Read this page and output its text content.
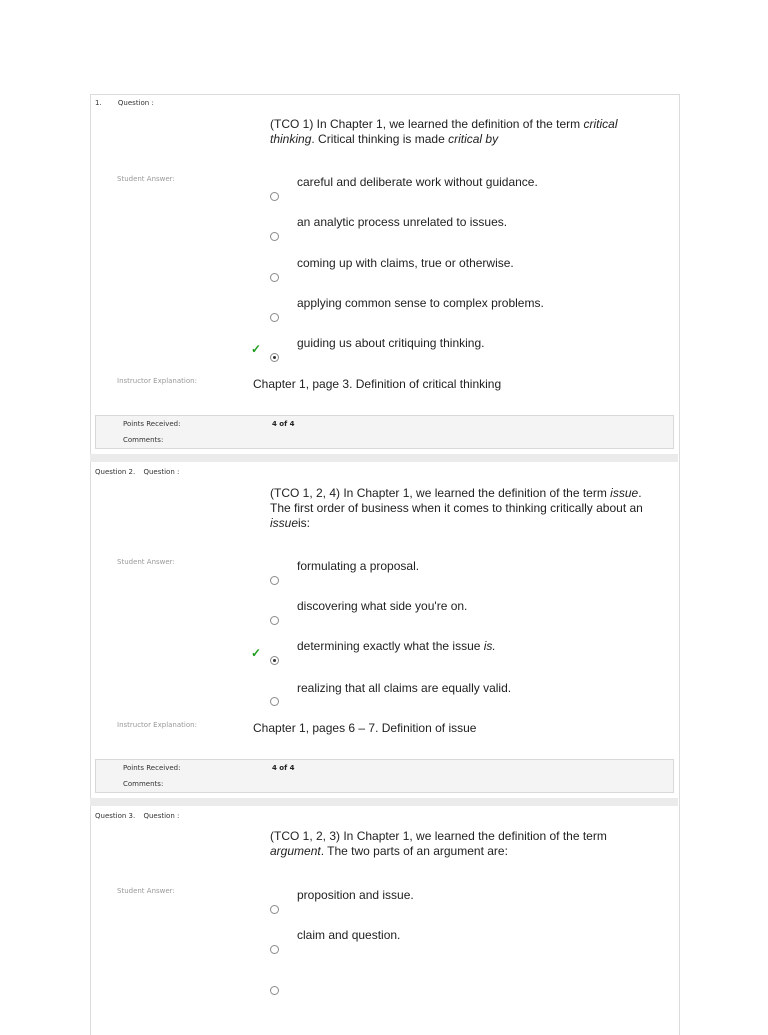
1. Question :
(TCO 1) In Chapter 1, we learned the definition of the term critical thinking. Critical thinking is made critical by
Student Answer:	careful and deliberate work without guidance.
an analytic process unrelated to issues.
coming up with claims, true or otherwise.
applying common sense to complex problems.
guiding us about critiquing thinking.
✓
Instructor Explanation:	Chapter 1, page 3. Definition of critical thinking
Points Received:	4 of 4
Comments:
Question 2. Question :
(TCO 1, 2, 4) In Chapter 1, we learned the definition of the term issue. The first order of business when it comes to thinking critically about an issueis:
Student Answer:	formulating a proposal.
discovering what side you're on.
determining exactly what the issue is.
✓
realizing that all claims are equally valid.
Instructor Explanation:	Chapter 1, pages 6 – 7. Definition of issue
Points Received:	4 of 4
Comments:
Question 3. Question :
(TCO 1, 2, 3) In Chapter 1, we learned the definition of the term argument. The two parts of an argument are:
Student Answer:	proposition and issue.
claim and question.
